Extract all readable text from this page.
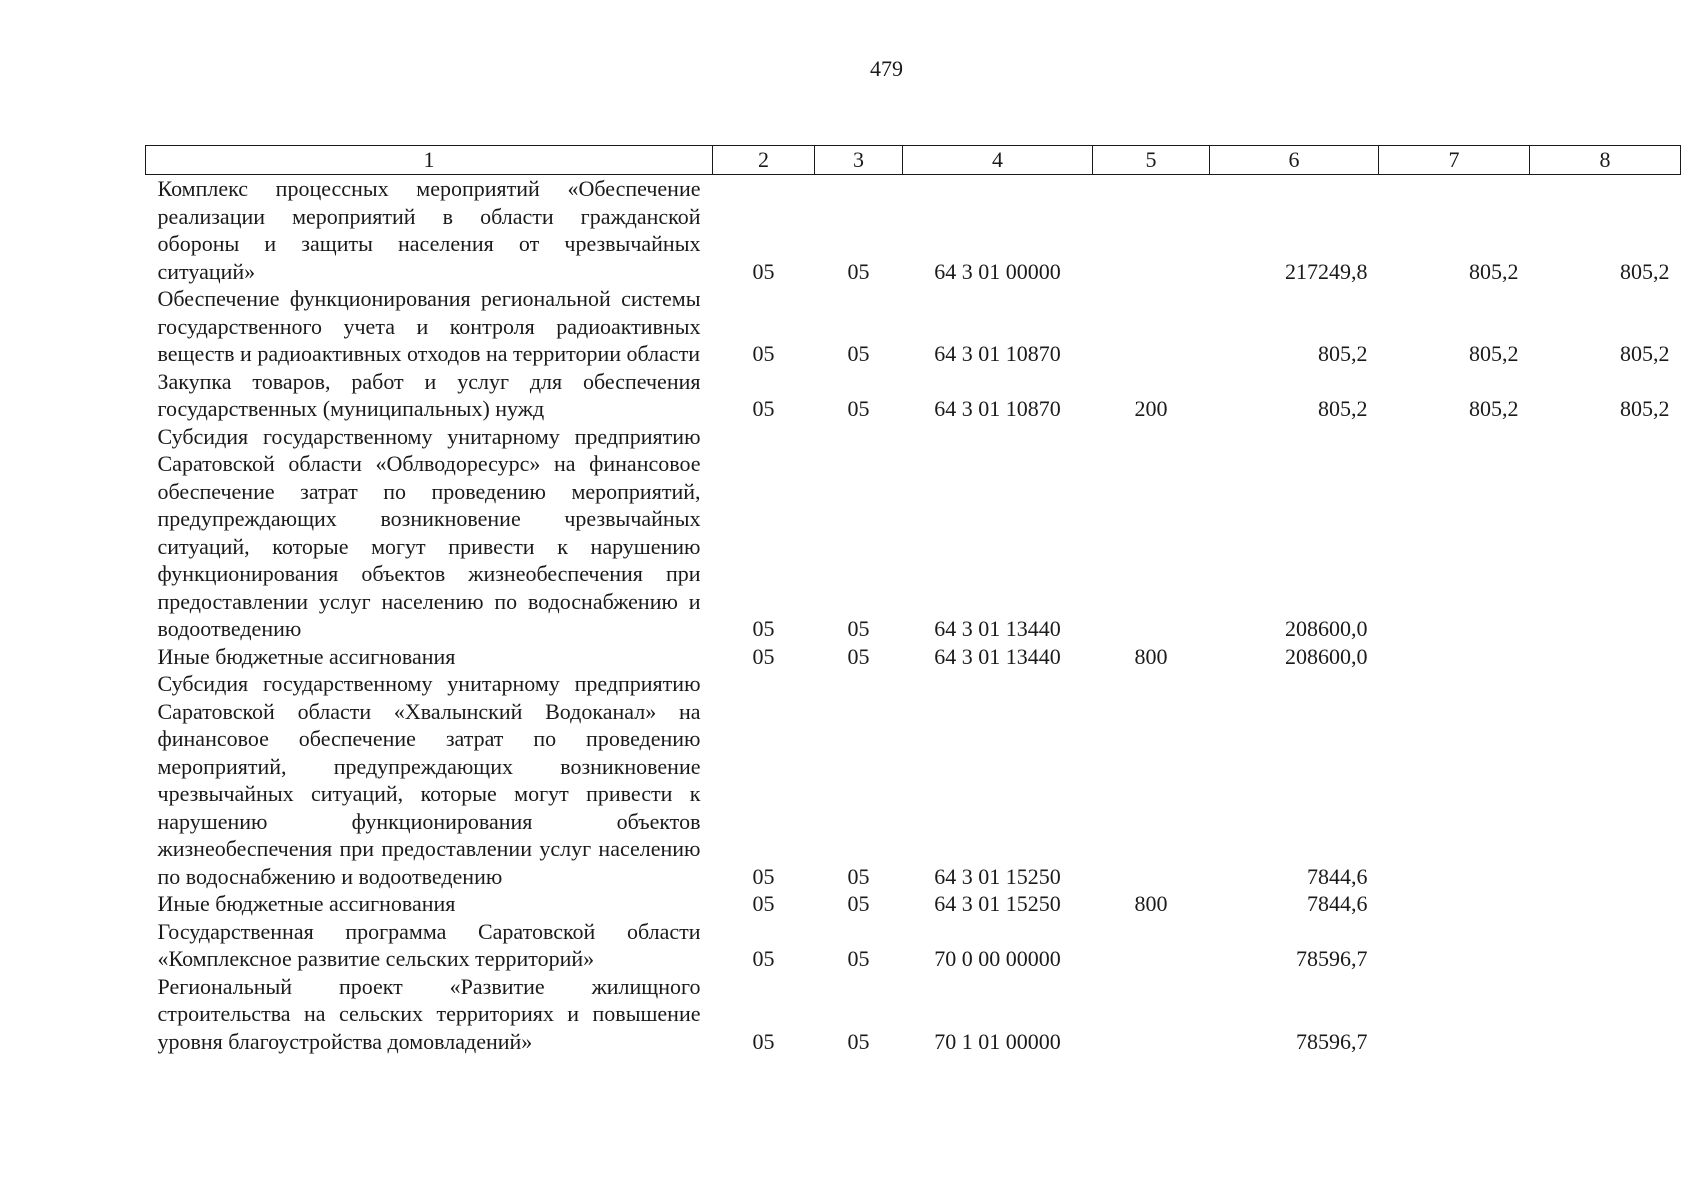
479
1	2	3	4	5	6	7	8
Комплекс процессных мероприятий «Обеспечение реализации мероприятий в области гражданской обороны и защиты населения от чрезвычайных ситуаций»	05	05	64 3 01 00000		217249,8	805,2	805,2
Обеспечение функционирования региональной системы государственного учета и контроля радиоактивных веществ и радиоактивных отходов на территории области	05	05	64 3 01 10870		805,2	805,2	805,2
Закупка товаров, работ и услуг для обеспечения государственных (муниципальных) нужд	05	05	64 3 01 10870	200	805,2	805,2	805,2
Субсидия государственному унитарному предприятию Саратовской области «Облводоресурс» на финансовое обеспечение затрат по проведению мероприятий, предупреждающих возникновение чрезвычайных ситуаций, которые могут привести к нарушению функционирования объектов жизнеобеспечения при предоставлении услуг населению по водоснабжению и водоотведению	05	05	64 3 01 13440		208600,0		
Иные бюджетные ассигнования	05	05	64 3 01 13440	800	208600,0		
Субсидия государственному унитарному предприятию Саратовской области «Хвалынский Водоканал» на финансовое обеспечение затрат по проведению мероприятий, предупреждающих возникновение чрезвычайных ситуаций, которые могут привести к нарушению функционирования объектов жизнеобеспечения при предоставлении услуг населению по водоснабжению и водоотведению	05	05	64 3 01 15250		7844,6		
Иные бюджетные ассигнования	05	05	64 3 01 15250	800	7844,6		
Государственная программа Саратовской области «Комплексное развитие сельских территорий»	05	05	70 0 00 00000		78596,7		
Региональный проект «Развитие жилищного строительства на сельских территориях и повышение уровня благоустройства домовладений»	05	05	70 1 01 00000		78596,7		
